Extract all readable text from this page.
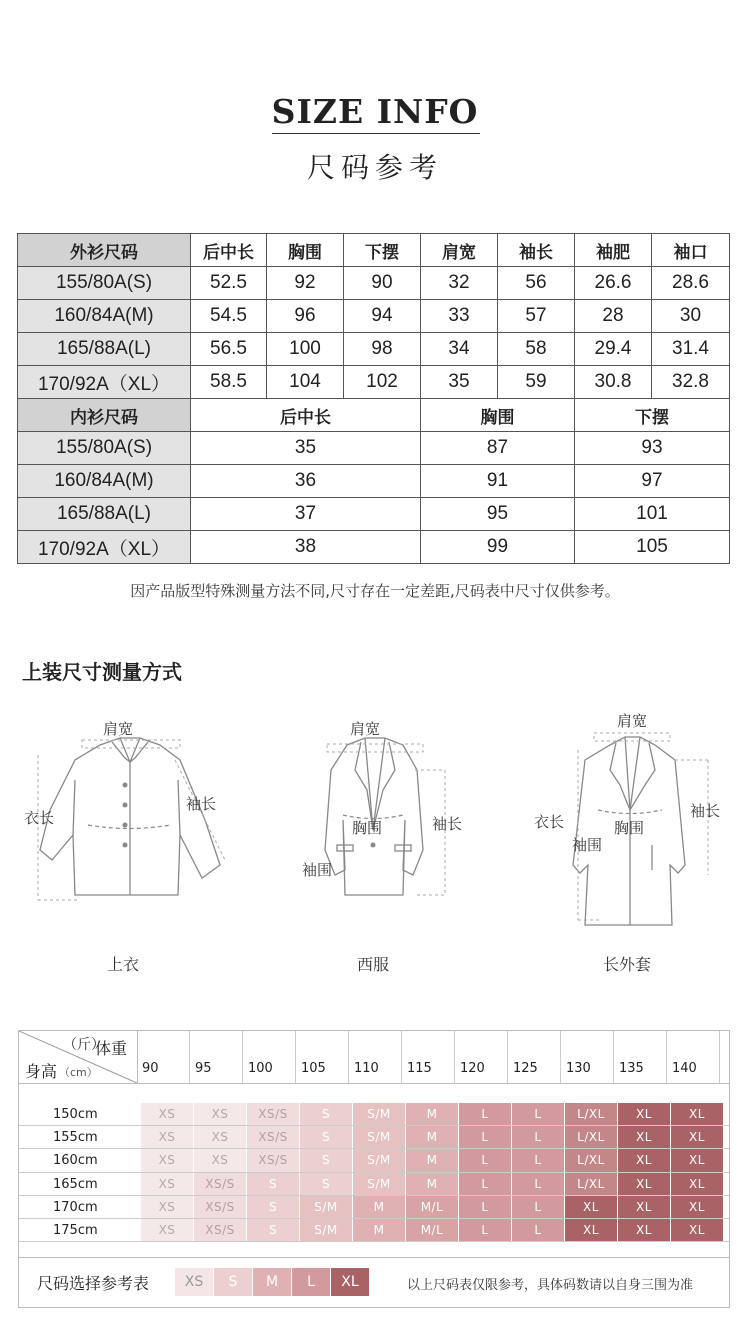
SIZE INFO
尺码参考
外衫尺码	后中长	胸围	下摆	肩宽	袖长	袖肥	袖口
155/80A(S)	52.5	92	90	32	56	26.6	28.6
160/84A(M)	54.5	96	94	33	57	28	30
165/88A(L)	56.5	100	98	34	58	29.4	31.4
170/92A（XL）	58.5	104	102	35	59	30.8	32.8
内衫尺码	后中长			胸围		下摆	
155/80A(S)	35			87		93	
160/84A(M)	36			91		97	
165/88A(L)	37			95		101	
170/92A（XL）	38			99		105	
因产品版型特殊测量方法不同,尺寸存在一定差距,尺码表中尺寸仅供参考。
上装尺寸测量方式
肩宽
衣长
袖长
上衣
肩宽
胸围	袖长
袖围
西服
肩宽
衣长	胸围
袖围
袖长
长外套
（斤）
体重
身高 （cm）	90	95	100 105 110 115 120 125 130 135 140
150cm	XS	XS	XS/S	S	S/M	M	L	L	L/XL	XL	XL
155cm	XS	XS	XS/S	S	S/M	M	L	L	L/XL	XL	XL
160cm	XS	XS	XS/S	S	S/M	M	L	L	L/XL	XL	XL
165cm	XS	XS/S	S	S	S/M	M	L	L	L/XL	XL	XL
170cm	XS	XS/S	S	S/M	M	M/L	L	L	XL	XL	XL
175cm	XS	XS/S	S	S/M	M	M/L	L	L	XL	XL	XL
尺码选择参考表	XS	S	M	L	XL	以上尺码表仅限参考，具体码数请以自身三围为准
